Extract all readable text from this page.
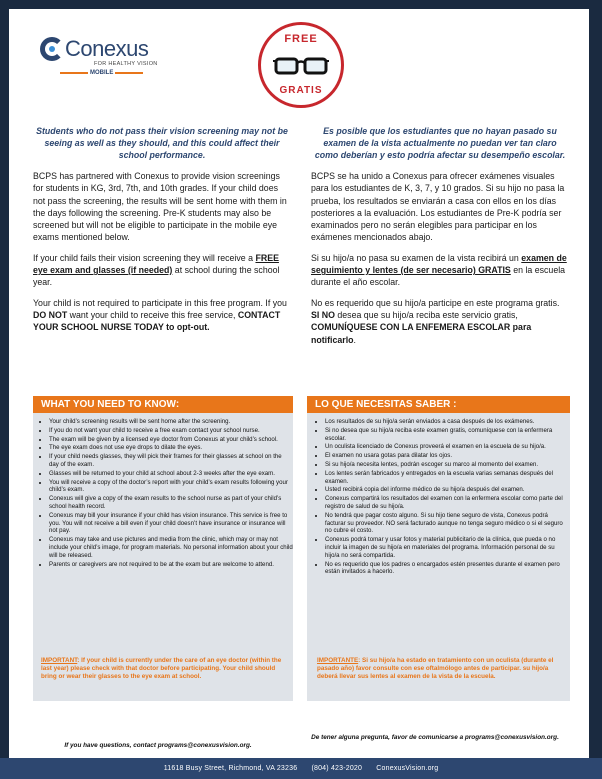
Conexus
FOR HEALTHY VISION
MOBILE
FREE
GRATIS

Students who do not pass their vision screening may not be seeing as well as they should, and this could affect their school performance.

BCPS has partnered with Conexus to provide vision screenings for students in KG, 3rd, 7th, and 10th grades. If your child does not pass the screening, the results will be sent home with them in the days following the screening. Pre-K students may also be screened but will not be eligible to participate in the mobile eye exams mentioned below.

If your child fails their vision screening they will receive a FREE eye exam and glasses (if needed) at school during the school year.

Your child is not required to participate in this free program. If you DO NOT want your child to receive this free service, CONTACT YOUR SCHOOL NURSE TODAY to opt-out.

Es posible que los estudiantes que no hayan pasado su examen de la vista actualmente no puedan ver tan claro como deberían y esto podría afectar su desempeño escolar.

BCPS se ha unido a Conexus para ofrecer exámenes visuales para los estudiantes de K, 3, 7, y 10 grados. Si su hijo no pasa la prueba, los resultados se enviarán a casa con ellos en los días posteriores a la evaluación. Los estudiantes de Pre-K podría ser examinados pero no serán elegibles para participar en los exámenes mencionados abajo.

Si su hijo/a no pasa su examen de la vista recibirá un examen de seguimiento y lentes (de ser necesario) GRATIS en la escuela durante el año escolar.

No es requerido que su hijo/a participe en este programa gratis. SI NO desea que su hijo/a reciba este servicio gratis, COMUNÍQUESE CON LA ENFEMERA ESCOLAR para notificarlo.

WHAT YOU NEED TO KNOW:	LO QUE NECESITAS SABER :
• Your child’s screening results will be sent home after the screening.
• If you do not want your child to receive a free exam contact your school nurse.
• The exam will be given by a licensed eye doctor from Conexus at your child’s school.
• The eye exam does not use eye drops to dilate the eyes.
• If your child needs glasses, they will pick their frames for their glasses at school on the day of the exam.
• Glasses will be returned to your child at school about 2-3 weeks after the eye exam.
• You will receive a copy of the doctor’s report with your child’s exam results following your child’s exam.
• Conexus will give a copy of the exam results to the school nurse as part of your child’s school health record.
• Conexus may bill your insurance if your child has vision insurance. This service is free to you. You will not receive a bill even if your child doesn’t have insurance or insurance will not pay.
• Conexus may take and use pictures and media from the clinic, which may or may not include your child’s image, for program materials. No personal information about your child will be released.
• Parents or caregivers are not required to be at the exam but are welcome to attend.
• Los resultados de su hijo/a serán enviados a casa después de los exámenes.
• Si no desea que su hijo/a reciba este examen gratis, comuníquese con la enfermera escolar.
• Un oculista licenciado de Conexus proveerá el examen en la escuela de su hijo/a.
• El examen no usara gotas para dilatar los ojos.
• Si su hijo/a necesita lentes, podrán escoger su marco al momento del examen.
• Los lentes serán fabricados y entregados en la escuela varias semanas después del examen.
• Usted recibirá copia del informe médico de su hijo/a después del examen.
• Conexus compartirá los resultados del examen con la enfermera escolar como parte del registro de salud de su hijo/a.
• No tendrá que pagar costo alguno. Si su hijo tiene seguro de vista, Conexus podrá facturar su proveedor. NO será facturado aunque no tenga seguro médico o si el seguro no cubre el costo.
• Conexus podrá tomar y usar fotos y material publicitario de la clínica, que pueda o no incluir la imagen de su hijo/a en materiales del programa. Información personal de su hijo/a no será compartida.
• No es requerido que los padres o encargados estén presentes durante el examen pero están invitados a hacerlo.

IMPORTANT: If your child is currently under the care of an eye doctor (within the last year) please check with that doctor before participating. Your child should bring or wear their glasses to the eye exam at school.

IMPORTANTE: Si su hijo/a ha estado en tratamiento con un oculista (durante el pasado año) favor consulte con ese oftalmólogo antes de participar. su hijo/a deberá llevar sus lentes al examen de la vista de la escuela.

If you have questions, contact programs@conexusvision.org.

De tener alguna pregunta, favor de comunicarse a programs@conexusvision.org.

11618 Busy Street, Richmond, VA 23236 (804) 423-2020 ConexusVision.org
